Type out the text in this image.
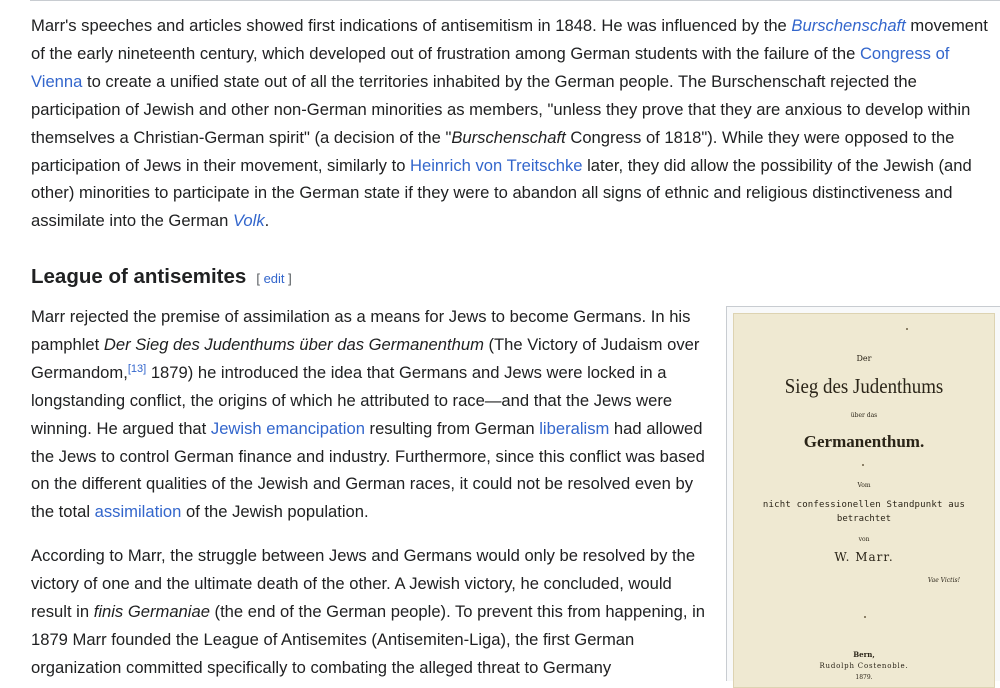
Marr's speeches and articles showed first indications of antisemitism in 1848. He was influenced by the Burschenschaft movement of the early nineteenth century, which developed out of frustration among German students with the failure of the Congress of Vienna to create a unified state out of all the territories inhabited by the German people. The Burschenschaft rejected the participation of Jewish and other non-German minorities as members, "unless they prove that they are anxious to develop within themselves a Christian-German spirit" (a decision of the "Burschenschaft Congress of 1818"). While they were opposed to the participation of Jews in their movement, similarly to Heinrich von Treitschke later, they did allow the possibility of the Jewish (and other) minorities to participate in the German state if they were to abandon all signs of ethnic and religious distinctiveness and assimilate into the German Volk.

League of antisemites [ edit ]

Marr rejected the premise of assimilation as a means for Jews to become Germans. In his pamphlet Der Sieg des Judenthums über das Germanenthum (The Victory of Judaism over Germandom,[13] 1879) he introduced the idea that Germans and Jews were locked in a longstanding conflict, the origins of which he attributed to race—and that the Jews were winning. He argued that Jewish emancipation resulting from German liberalism had allowed the Jews to control German finance and industry. Furthermore, since this conflict was based on the different qualities of the Jewish and German races, it could not be resolved even by the total assimilation of the Jewish population.

According to Marr, the struggle between Jews and Germans would only be resolved by the victory of one and the ultimate death of the other. A Jewish victory, he concluded, would result in finis Germaniae (the end of the German people). To prevent this from happening, in 1879 Marr founded the League of Antisemites (Antisemiten-Liga), the first German organization committed specifically to combating the alleged threat to Germany

Der

Sieg des Judenthums

über das

Germanenthum.

Vom

nicht confessionellen Standpunkt aus

betrachtet

von

W. Marr.

Vae Victis!

Bern,

Rudolph Costenoble.

1879.
